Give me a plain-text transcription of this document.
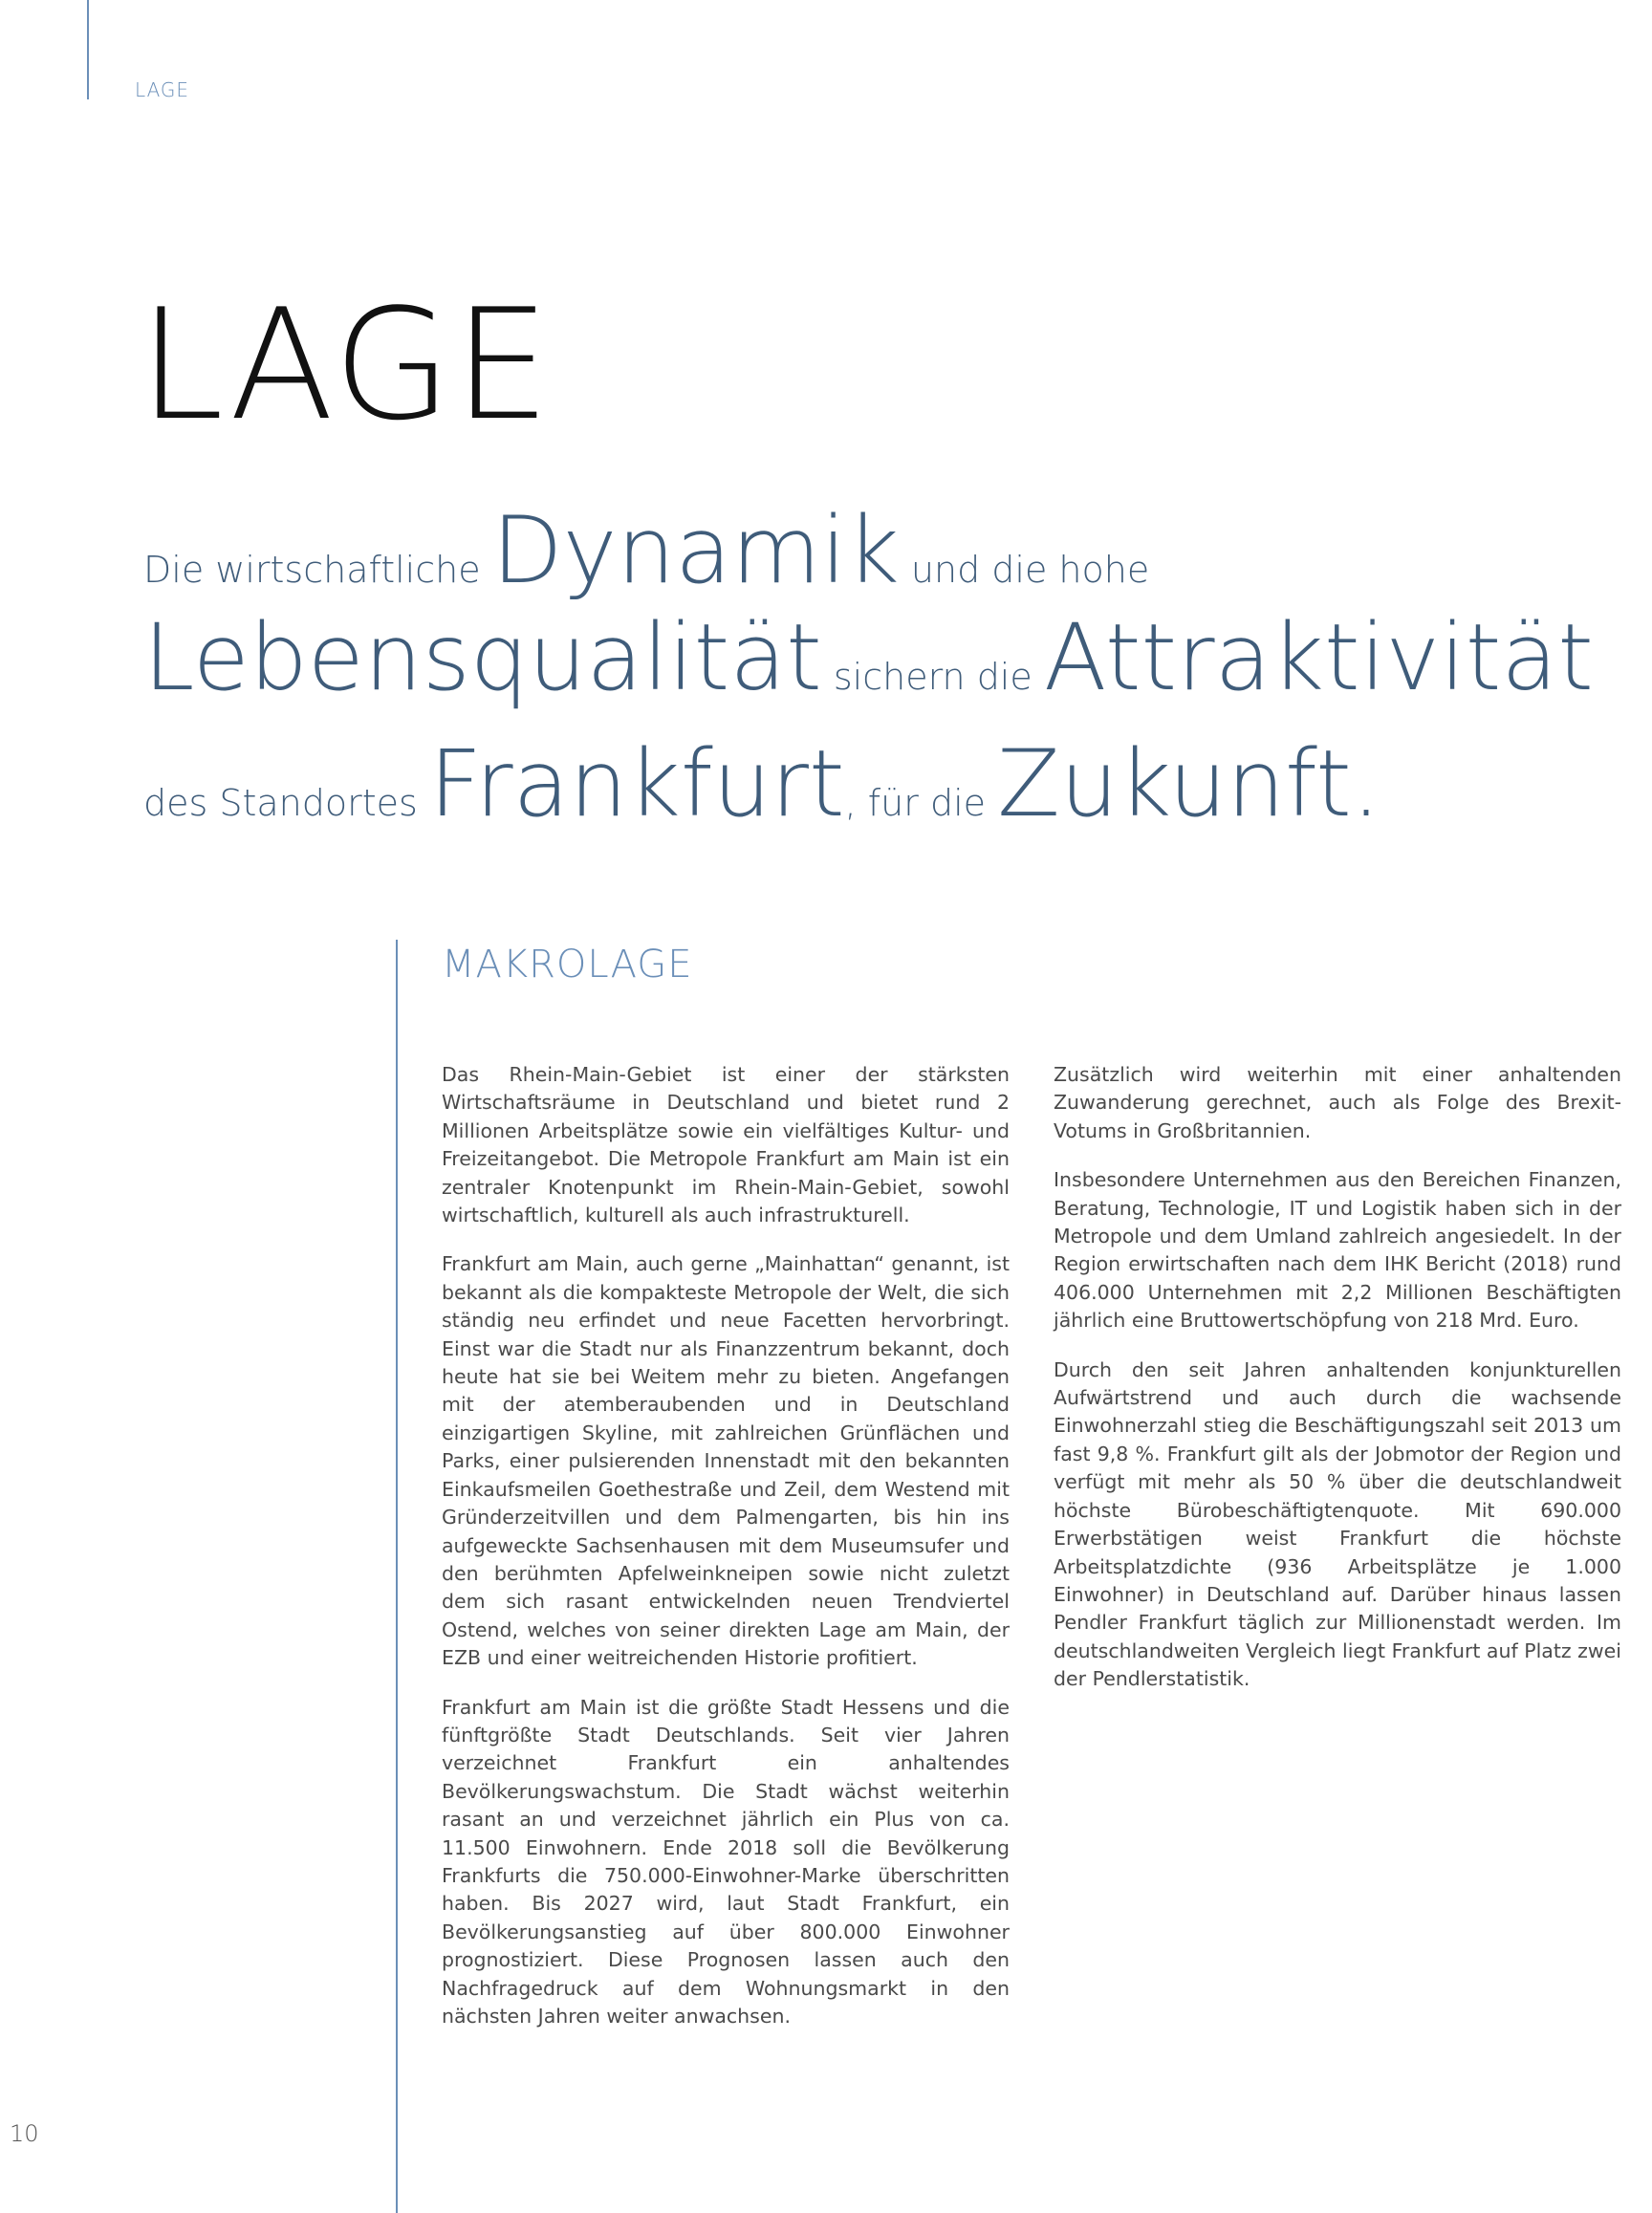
LAGE
LAGE
Die wirtschaftliche Dynamik und die hohe
Lebensqualität sichern die Attraktivität
des Standortes Frankfurt, für die Zukunft.
MAKROLAGE

Das Rhein-Main-Gebiet ist einer der stärksten Wirtschaftsräume in Deutschland und bietet rund 2 Millionen Arbeitsplätze sowie ein vielfältiges Kultur- und Freizeitangebot. Die Metropole Frankfurt am Main ist ein zentraler Knotenpunkt im Rhein-Main-Gebiet, sowohl wirtschaftlich, kulturell als auch infrastrukturell.

Frankfurt am Main, auch gerne „Mainhattan“ genannt, ist bekannt als die kompakteste Metropole der Welt, die sich ständig neu erfindet und neue Facetten hervorbringt. Einst war die Stadt nur als Finanzzentrum bekannt, doch heute hat sie bei Weitem mehr zu bieten. Angefangen mit der atemberaubenden und in Deutschland einzigartigen Skyline, mit zahlreichen Grünflächen und Parks, einer pulsierenden Innenstadt mit den bekannten Einkaufsmeilen Goethestraße und Zeil, dem Westend mit Gründerzeitvillen und dem Palmengarten, bis hin ins aufgeweckte Sachsenhausen mit dem Museumsufer und den berühmten Apfelweinkneipen sowie nicht zuletzt dem sich rasant entwickelnden neuen Trendviertel Ostend, welches von seiner direkten Lage am Main, der EZB und einer weitreichenden Historie profitiert.

Frankfurt am Main ist die größte Stadt Hessens und die fünftgrößte Stadt Deutschlands. Seit vier Jahren verzeichnet Frankfurt ein anhaltendes Bevölkerungswachstum. Die Stadt wächst weiterhin rasant an und verzeichnet jährlich ein Plus von ca. 11.500 Einwohnern. Ende 2018 soll die Bevölkerung Frankfurts die 750.000-Einwohner-Marke überschritten haben. Bis 2027 wird, laut Stadt Frankfurt, ein Bevölkerungsanstieg auf über 800.000 Einwohner prognostiziert. Diese Prognosen lassen auch den Nachfragedruck auf dem Wohnungsmarkt in den nächsten Jahren weiter anwachsen.

Zusätzlich wird weiterhin mit einer anhaltenden Zuwanderung gerechnet, auch als Folge des Brexit-Votums in Großbritannien.

Insbesondere Unternehmen aus den Bereichen Finanzen, Beratung, Technologie, IT und Logistik haben sich in der Metropole und dem Umland zahlreich angesiedelt. In der Region erwirtschaften nach dem IHK Bericht (2018) rund 406.000 Unternehmen mit 2,2 Millionen Beschäftigten jährlich eine Bruttowertschöpfung von 218 Mrd. Euro.

Durch den seit Jahren anhaltenden konjunkturellen Aufwärtstrend und auch durch die wachsende Einwohnerzahl stieg die Beschäftigungszahl seit 2013 um fast 9,8 %. Frankfurt gilt als der Jobmotor der Region und verfügt mit mehr als 50 % über die deutschlandweit höchste Bürobeschäftigtenquote. Mit 690.000 Erwerbstätigen weist Frankfurt die höchste Arbeitsplatzdichte (936 Arbeitsplätze je 1.000 Einwohner) in Deutschland auf. Darüber hinaus lassen Pendler Frankfurt täglich zur Millionenstadt werden. Im deutschlandweiten Vergleich liegt Frankfurt auf Platz zwei der Pendlerstatistik.

10
